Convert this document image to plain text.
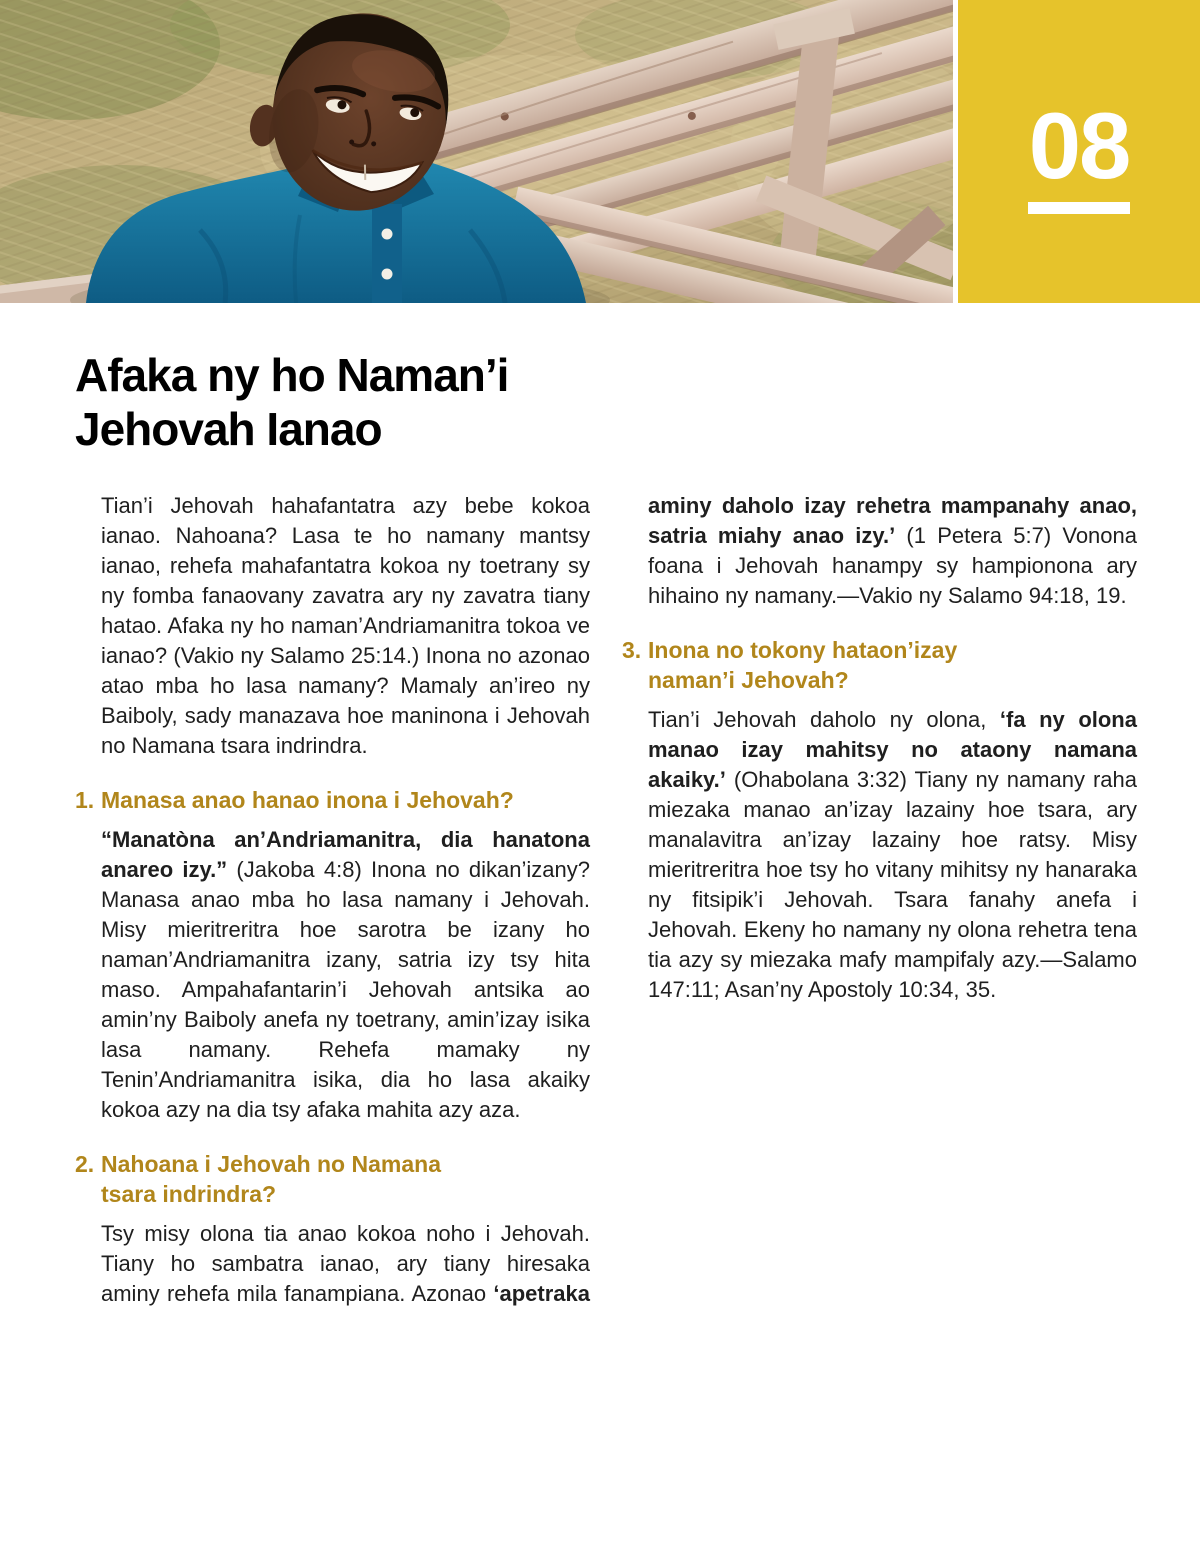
08
Afaka ny ho Naman’i Jehovah Ianao

Tian’i Jehovah hahafantatra azy bebe kokoa ianao. Nahoana? Lasa te ho namany mantsy ianao, rehefa mahafantatra kokoa ny toetrany sy ny fomba fanaovany zavatra ary ny zavatra tiany hatao. Afaka ny ho naman’Andriamanitra tokoa ve ianao? (Vakio ny Salamo 25:14.) Inona no azonao atao mba ho lasa namany? Mamaly an’ireo ny Baiboly, sady manazava hoe maninona i Jehovah no Namana tsara indrindra.

1. Manasa anao hanao inona i Jehovah?

“Manatòna an’Andriamanitra, dia hanatona anareo izy.” (Jakoba 4:8) Inona no dikan’izany? Manasa anao mba ho lasa namany i Jehovah. Misy mieritreritra hoe sarotra be izany ho naman’Andriamanitra izany, satria izy tsy hita maso. Ampahafantarin’i Jehovah antsika ao amin’ny Baiboly anefa ny toetrany, amin’izay isika lasa namany. Rehefa mamaky ny Tenin’Andriamanitra isika, dia ho lasa akaiky kokoa azy na dia tsy afaka mahita azy aza.

2. Nahoana i Jehovah no Namana tsara indrindra?

Tsy misy olona tia anao kokoa noho i Jehovah. Tiany ho sambatra ianao, ary tiany hiresaka aminy rehefa mila fanampiana. Azonao ‘apetraka aminy daholo izay rehetra mampanahy anao, satria miahy anao izy.’ (1 Petera 5:7) Vonona foana i Jehovah hanampy sy hampionona ary hihaino ny namany.—Vakio ny Salamo 94:18, 19.

3. Inona no tokony hataon’izay naman’i Jehovah?

Tian’i Jehovah daholo ny olona, ‘fa ny olona manao izay mahitsy no ataony namana akaiky.’ (Ohabolana 3:32) Tiany ny namany raha miezaka manao an’izay lazainy hoe tsara, ary manalavitra an’izay lazainy hoe ratsy. Misy mieritreritra hoe tsy ho vitany mihitsy ny hanaraka ny fitsipik’i Jehovah. Tsara fanahy anefa i Jehovah. Ekeny ho namany ny olona rehetra tena tia azy sy miezaka mafy mampifaly azy.—Salamo 147:11; Asan’ny Apostoly 10:34, 35.
